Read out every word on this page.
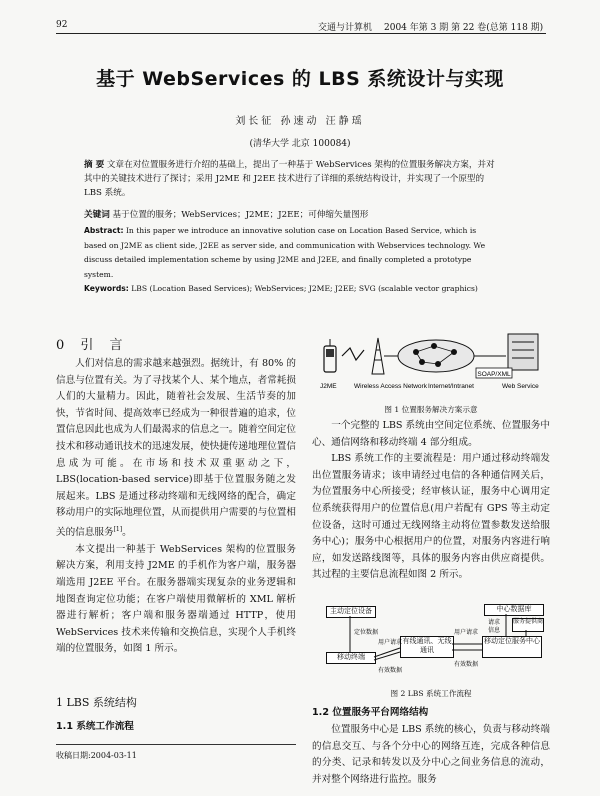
92	交通与计算机 2004 年第 3 期 第 22 卷(总第 118 期)
基于 WebServices 的 LBS 系统设计与实现
刘长征 孙速动 汪静瑶
(清华大学 北京 100084)
摘 要 文章在对位置服务进行介绍的基础上，提出了一种基于 WebServices 架构的位置服务解决方案，并对其中的关键技术进行了探讨；采用 J2ME 和 J2EE 技术进行了详细的系统结构设计，并实现了一个原型的 LBS 系统。
关键词 基于位置的服务；WebServices；J2ME；J2EE；可伸缩矢量图形
Abstract: In this paper we introduce an innovative solution case on Location Based Service, which is based on J2ME as client side, J2EE as server side, and communication with Webservices technology. We discuss detailed implementation scheme by using J2ME and J2EE, and finally completed a prototype system.
Keywords: LBS (Location Based Services); WebServices; J2ME; J2EE; SVG (scalable vector graphics)
0 引 言

人们对信息的需求越来越强烈。据统计，有 80% 的信息与位置有关。为了寻找某个人、某个地点，者常耗损人们的大量精力。因此，随着社会发展、生活节奏的加快，节省时间、提高效率已经成为一种很普遍的追求，位置信息因此也成为人们最渴求的信息之一。随着空间定位技术和移动通讯技术的迅速发展，使快捷传递地理位置信息成为可能。在市场和技术双重驱动之下，LBS(location-based service)即基于位置服务随之发展起来。LBS 是通过移动终端和无线网络的配合，确定移动用户的实际地理位置，从而提供用户需要的与位置相关的信息服务[1]。

本文提出一种基于 WebServices 架构的位置服务解决方案，利用支持 J2ME 的手机作为客户端，服务器端选用 J2EE 平台。在服务器端实现复杂的业务逻辑和地图查询定位功能；在客户端使用微解析的 XML 解析器进行解析；客户端和服务器端通过 HTTP，使用 WebServices 技术来传输和交换信息，实现个人手机终端的位置服务，如图 1 所示。

1 LBS 系统结构
1.1 系统工作流程
收稿日期:2004-03-11
SOAP/XML
J2ME	Wireless Access Network Internet/Intranet	Web Service
图 1 位置服务解决方案示意

一个完整的 LBS 系统由空间定位系统、位置服务中心、通信网络和移动终端 4 部分组成。

LBS 系统工作的主要流程是：用户通过移动终端发出位置服务请求；该申请经过电信的各种通信网关后，为位置服务中心所接受；经审核认证，服务中心调用定位系统获得用户的位置信息(用户若配有 GPS 等主动定位设备，这时可通过无线网络主动将位置参数发送给服务中心)；服务中心根据用户的位置，对服务内容进行响应，如发送路线图等，具体的服务内容由供应商提供。其过程的主要信息流程如图 2 所示。

主动定位设备
移动终端
有线通讯、无线通讯
移动定位服务中心
中心数据库
服务提供商
定位数据
用户请求
有效数据
用户请求
有效数据
请求
信息
图 2 LBS 系统工作流程
1.2 位置服务平台网络结构

位置服务中心是 LBS 系统的核心，负责与移动终端的信息交互、与各个分中心的网络互连，完成各种信息的分类、记录和转发以及分中心之间业务信息的流动，并对整个网络进行监控。服务
